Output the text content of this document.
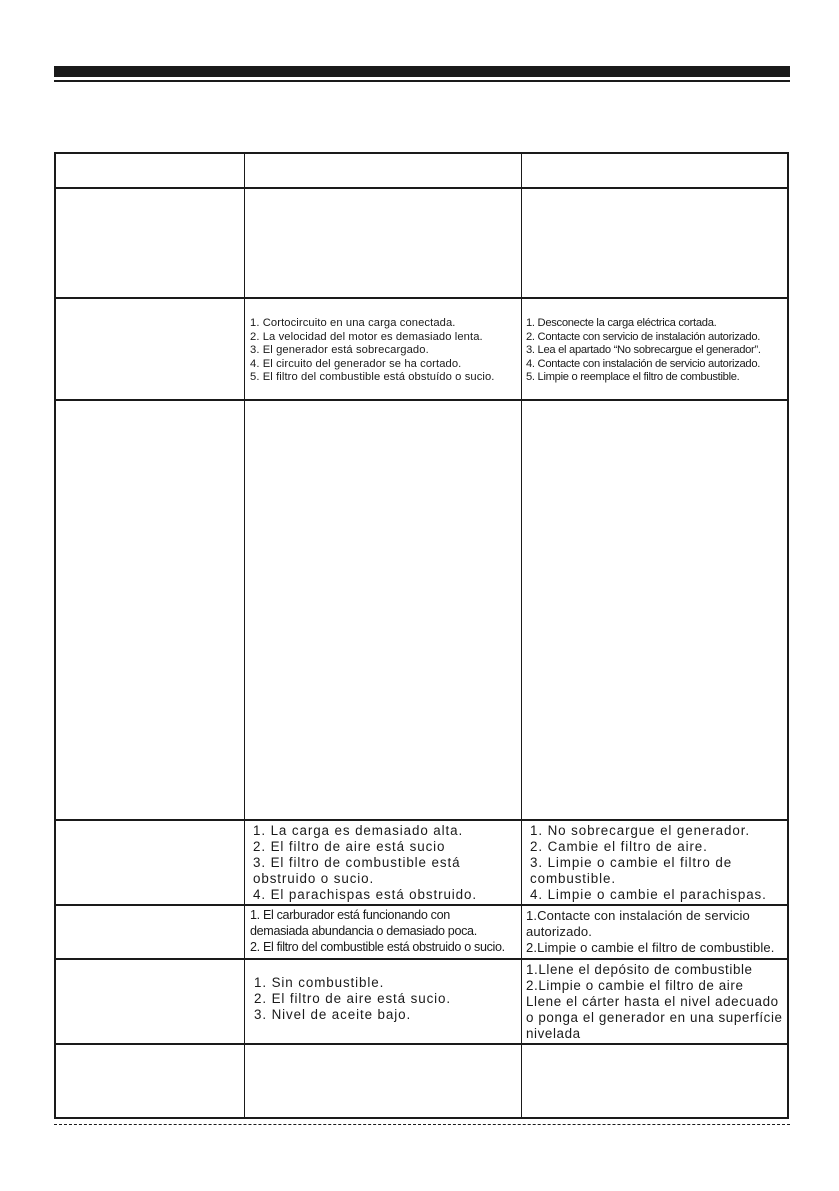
1. Cortocircuito en una carga conectada.
2. La velocidad del motor es demasiado lenta.
3. El generador está sobrecargado.
4. El circuito del generador se ha cortado.
5. El filtro del combustible está obstuído o sucio.
1. Desconecte la carga eléctrica cortada.
2. Contacte con servicio de instalación autorizado.
3. Lea el apartado “No sobrecargue el generador”.
4. Contacte con instalación de servicio autorizado.
5. Limpie o reemplace el filtro de combustible.
1. La carga es demasiado alta.
2. El filtro de aire está sucio
3. El filtro de combustible está
obstruido o sucio.
4. El parachispas está obstruido.
1. No sobrecargue el generador.
2. Cambie el filtro de aire.
3. Limpie o cambie el filtro de
combustible.
4. Limpie o cambie el parachispas.
1. El carburador está funcionando con
demasiada abundancia o demasiado poca.
2. El filtro del combustible está obstruido o sucio.
1.Contacte con instalación de servicio
autorizado.
2.Limpie o cambie el filtro de combustible.
1. Sin combustible.
2. El filtro de aire está sucio.
3. Nivel de aceite bajo.
1.Llene el depósito de combustible
2.Limpie o cambie el filtro de aire
Llene el cárter hasta el nivel adecuado
o ponga el generador en una superfície
nivelada
